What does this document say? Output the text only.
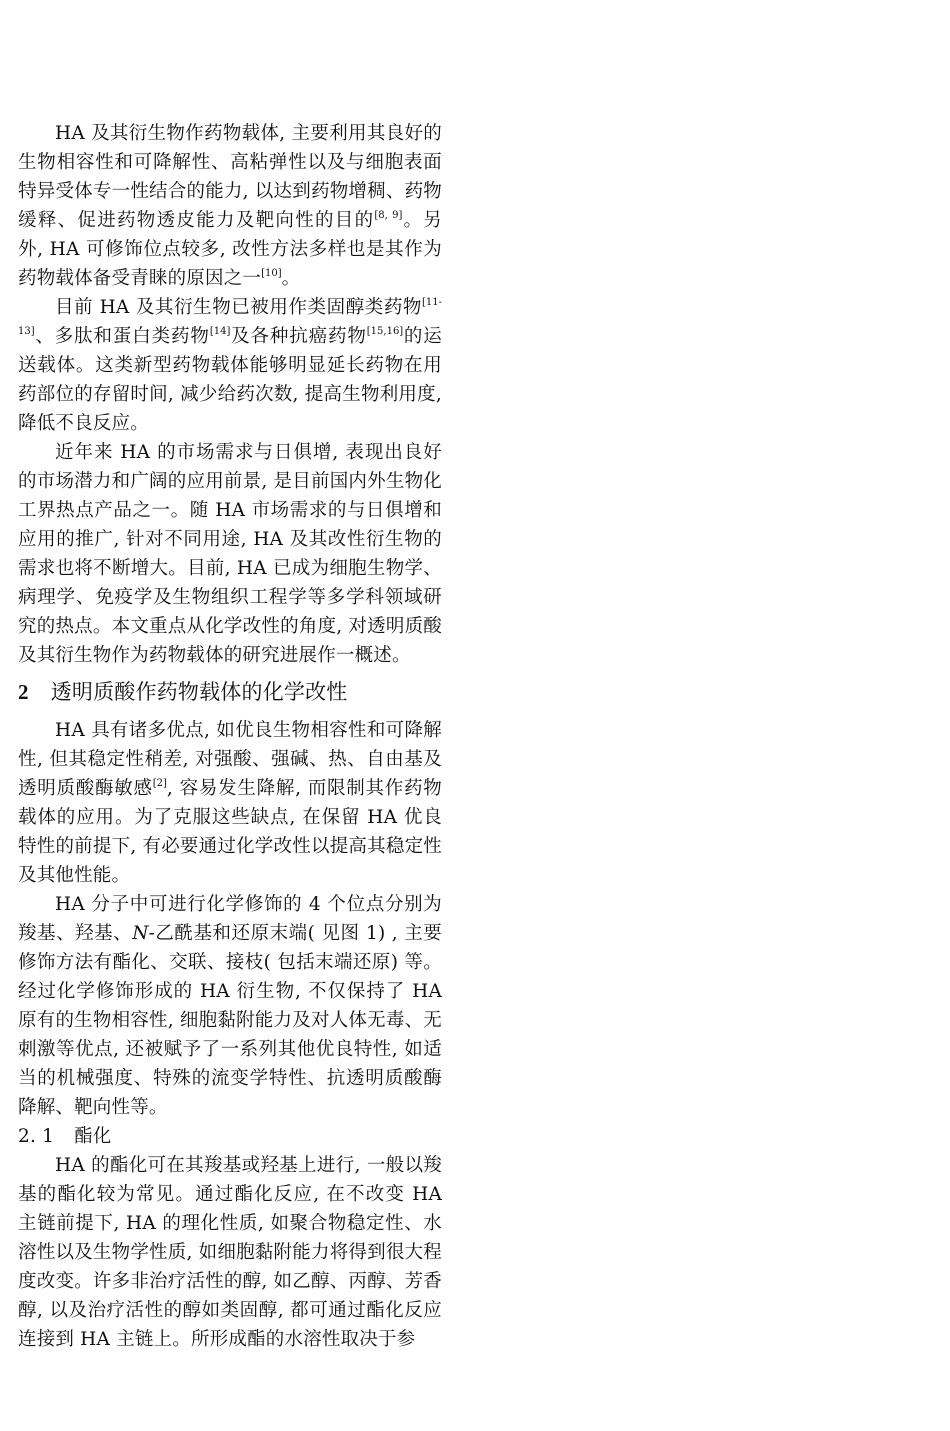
HA 及其衍生物作药物载体, 主要利用其良好的生物相容性和可降解性、高粘弹性以及与细胞表面特异受体专一性结合的能力, 以达到药物增稠、药物缓释、促进药物透皮能力及靶向性的目的[8, 9]。另外, HA 可修饰位点较多, 改性方法多样也是其作为药物载体备受青睐的原因之一[10]。

目前 HA 及其衍生物已被用作类固醇类药物[11-13]、多肽和蛋白类药物[14]及各种抗癌药物[15,16]的运送载体。这类新型药物载体能够明显延长药物在用药部位的存留时间, 减少给药次数, 提高生物利用度, 降低不良反应。

近年来 HA 的市场需求与日俱增, 表现出良好的市场潜力和广阔的应用前景, 是目前国内外生物化工界热点产品之一。随 HA 市场需求的与日俱增和应用的推广, 针对不同用途, HA 及其改性衍生物的需求也将不断增大。目前, HA 已成为细胞生物学、病理学、免疫学及生物组织工程学等多学科领域研究的热点。本文重点从化学改性的角度, 对透明质酸及其衍生物作为药物载体的研究进展作一概述。

2 透明质酸作药物载体的化学改性

HA 具有诸多优点, 如优良生物相容性和可降解性, 但其稳定性稍差, 对强酸、强碱、热、自由基及透明质酸酶敏感[2], 容易发生降解, 而限制其作药物载体的应用。为了克服这些缺点, 在保留 HA 优良特性的前提下, 有必要通过化学改性以提高其稳定性及其他性能。

HA 分子中可进行化学修饰的 4 个位点分别为羧基、羟基、N-乙酰基和还原末端( 见图 1) , 主要修饰方法有酯化、交联、接枝( 包括末端还原) 等。经过化学修饰形成的 HA 衍生物, 不仅保持了 HA 原有的生物相容性, 细胞黏附能力及对人体无毒、无刺激等优点, 还被赋予了一系列其他优良特性, 如适当的机械强度、特殊的流变学特性、抗透明质酸酶降解、靶向性等。

2. 1 酯化

HA 的酯化可在其羧基或羟基上进行, 一般以羧基的酯化较为常见。通过酯化反应, 在不改变 HA 主链前提下, HA 的理化性质, 如聚合物稳定性、水溶性以及生物学性质, 如细胞黏附能力将得到很大程度改变。许多非治疗活性的醇, 如乙醇、丙醇、芳香醇, 以及治疗活性的醇如类固醇, 都可通过酯化反应连接到 HA 主链上。所形成酯的水溶性取决于参
